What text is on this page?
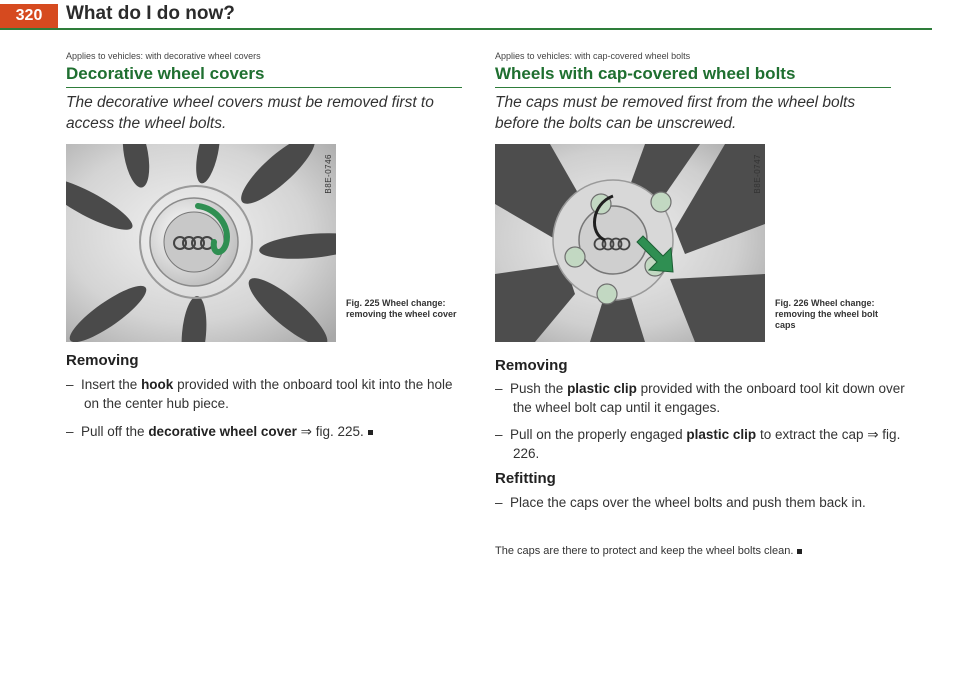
320	What do I do now?
Applies to vehicles: with decorative wheel covers
Decorative wheel covers
The decorative wheel covers must be removed first to access the wheel bolts.
B8E-0746
Fig. 225 Wheel change: removing the wheel cover
Removing
–  Insert the hook provided with the onboard tool kit into the hole on the center hub piece.
–  Pull off the decorative wheel cover ⇒ fig. 225.
Applies to vehicles: with cap-covered wheel bolts
Wheels with cap-covered wheel bolts
The caps must be removed first from the wheel bolts before the bolts can be unscrewed.
B8E-0747
Fig. 226 Wheel change: removing the wheel bolt caps
Removing
–  Push the plastic clip provided with the onboard tool kit down over the wheel bolt cap until it engages.
–  Pull on the properly engaged plastic clip to extract the cap ⇒ fig. 226.
Refitting
–  Place the caps over the wheel bolts and push them back in.
The caps are there to protect and keep the wheel bolts clean.
